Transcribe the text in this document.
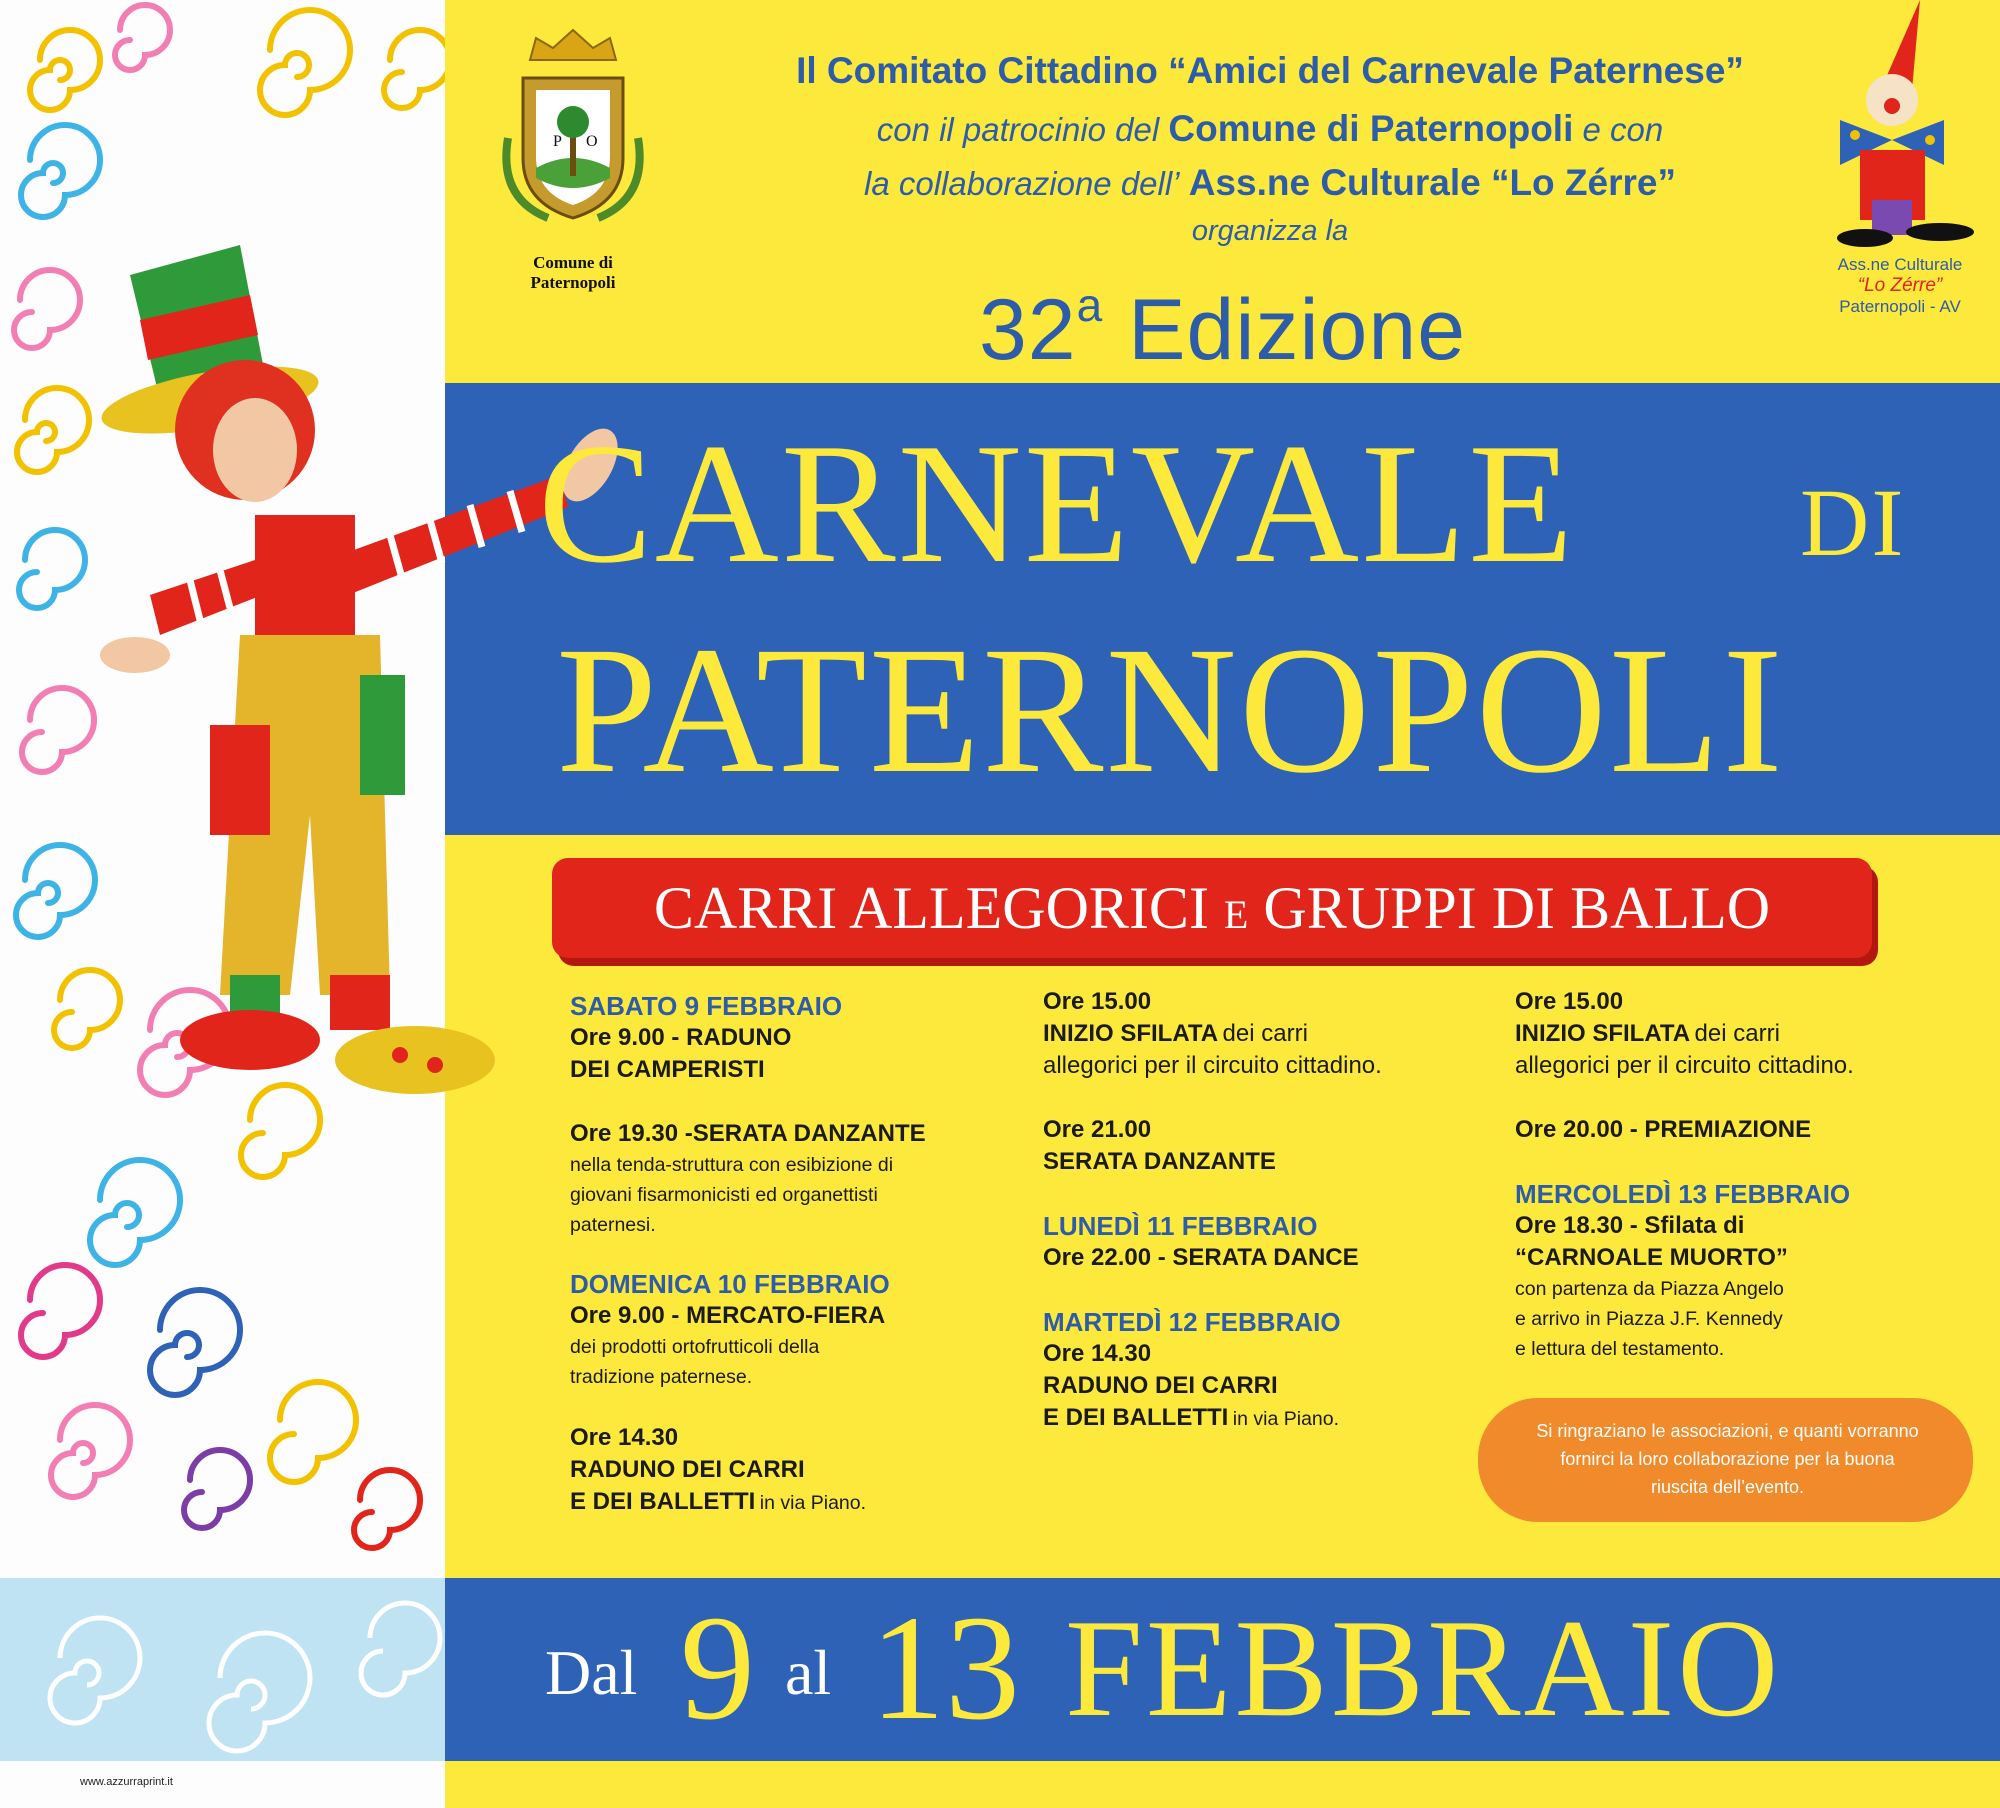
P O
Comune di
Paternopoli
Ass.ne Culturale
“Lo Zérre”
Paternopoli - AV
Il Comitato Cittadino “Amici del Carnevale Paternese”
con il patrocinio del Comune di Paternopoli e con
la collaborazione dell’ Ass.ne Culturale “Lo Zérre”
organizza la
32$^a$ Edizione
CARNEVALE DI
PATERNOPOLI
CARRI ALLEGORICI E GRUPPI DI BALLO
SABATO 9 FEBBRAIO
Ore 9.00 - RADUNO
DEI CAMPERISTI
Ore 19.30 -SERATA DANZANTE
nella tenda-struttura con esibizione di
giovani fisarmonicisti ed organettisti
paternesi.
DOMENICA 10 FEBBRAIO
Ore 9.00 - MERCATO-FIERA
dei prodotti ortofrutticoli della
tradizione paternese.
Ore 14.30
RADUNO DEI CARRI
E DEI BALLETTI in via Piano.
Ore 15.00
INIZIO SFILATA dei carri
allegorici per il circuito cittadino.
Ore 21.00
SERATA DANZANTE
LUNEDÌ 11 FEBBRAIO
Ore 22.00 - SERATA DANCE
MARTEDÌ 12 FEBBRAIO
Ore 14.30
RADUNO DEI CARRI
E DEI BALLETTI in via Piano.
Ore 15.00
INIZIO SFILATA dei carri
allegorici per il circuito cittadino.
Ore 20.00 - PREMIAZIONE
MERCOLEDÌ 13 FEBBRAIO
Ore 18.30 - Sfilata di
“CARNOALE MUORTO”
con partenza da Piazza Angelo
e arrivo in Piazza J.F. Kennedy
e lettura del testamento.
Si ringraziano le associazioni, e quanti vorranno
fornirci la loro collaborazione per la buona
riuscita dell’evento.
Dal 9 al 13 FEBBRAIO
www.azzurraprint.it
